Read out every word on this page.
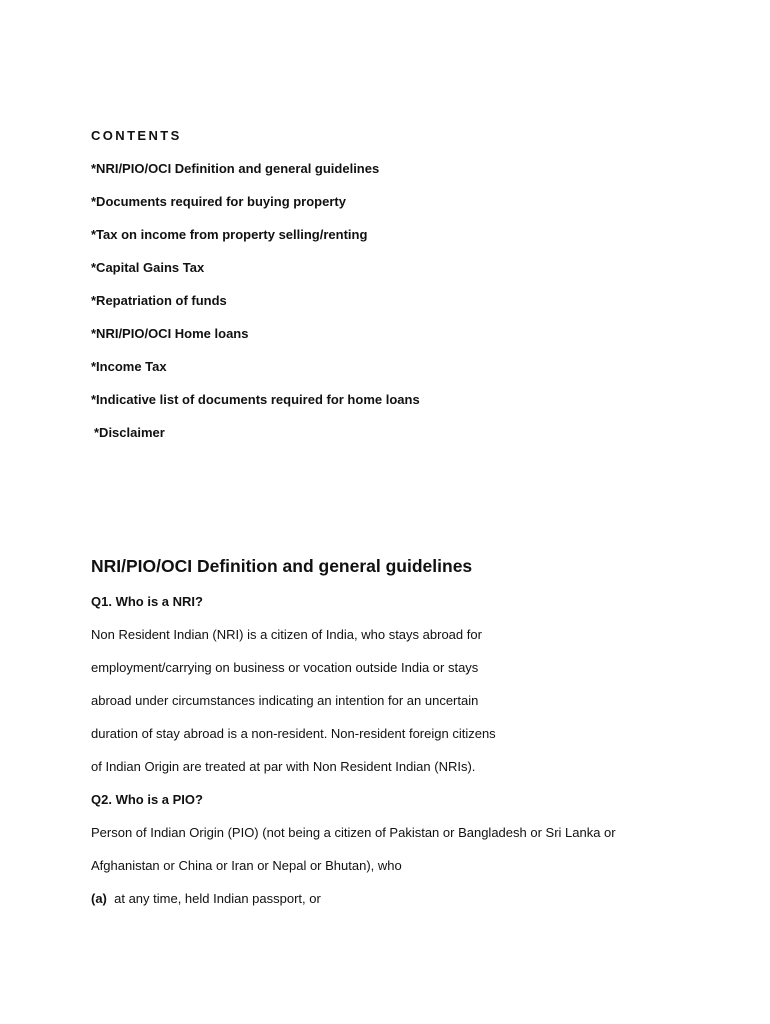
CONTENTS
*NRI/PIO/OCI Definition and general guidelines
*Documents required for buying property
*Tax on income from property selling/renting
*Capital Gains Tax
*Repatriation of funds
*NRI/PIO/OCI Home loans
*Income Tax
*Indicative list of documents required for home loans
*Disclaimer
NRI/PIO/OCI Definition and general guidelines
Q1. Who is a NRI?
Non Resident Indian (NRI) is a citizen of India, who stays abroad for
employment/carrying on business or vocation outside India or stays
abroad under circumstances indicating an intention for an uncertain
duration of stay abroad is a non-resident. Non-resident foreign citizens
of Indian Origin are treated at par with Non Resident Indian (NRIs).
Q2. Who is a PIO?
Person of Indian Origin (PIO) (not being a citizen of Pakistan or Bangladesh or Sri Lanka or
Afghanistan or China or Iran or Nepal or Bhutan), who
(a) at any time, held Indian passport, or
